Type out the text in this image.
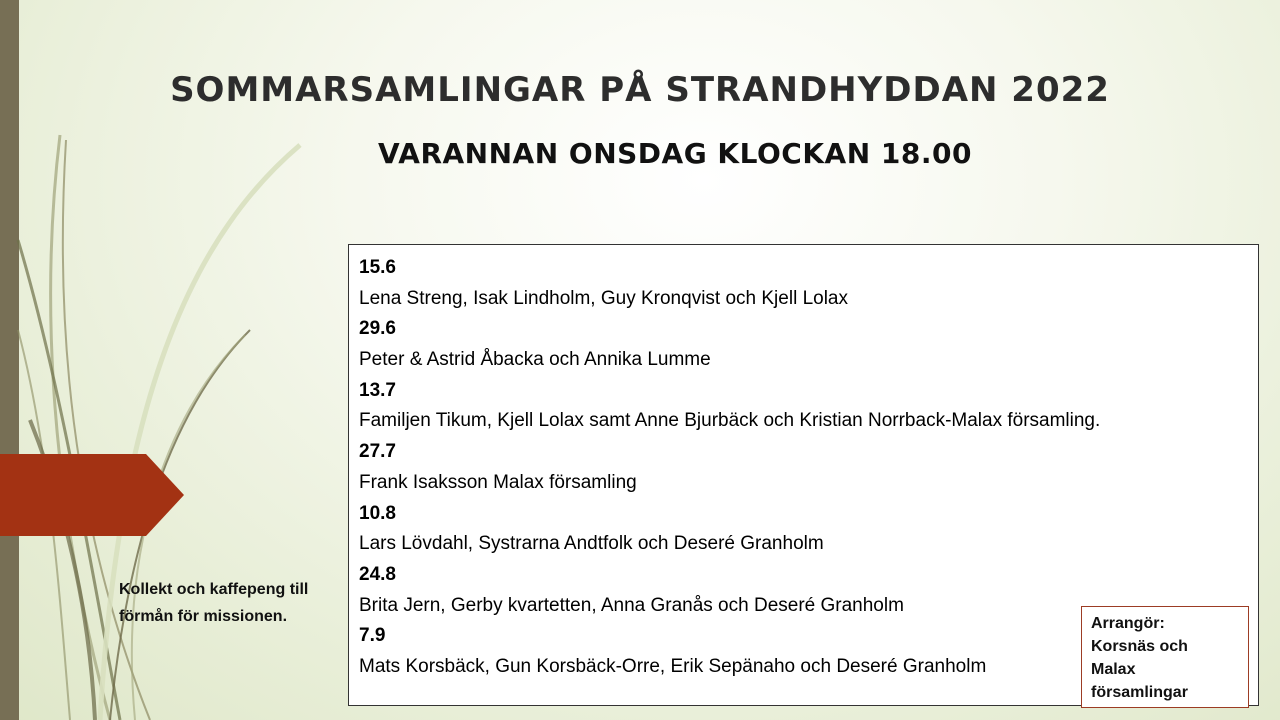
SOMMARSAMLINGAR PÅ STRANDHYDDAN 2022
VARANNAN ONSDAG KLOCKAN 18.00
15.6
Lena Streng, Isak Lindholm, Guy Kronqvist och Kjell Lolax
29.6
Peter & Astrid Åbacka och Annika Lumme
13.7
Familjen Tikum, Kjell Lolax samt Anne Bjurbäck och Kristian Norrback-Malax församling.
27.7
Frank Isaksson Malax församling
10.8
Lars Lövdahl, Systrarna Andtfolk och Deseré Granholm
24.8
Brita Jern, Gerby kvartetten, Anna Granås och Deseré Granholm
7.9
Mats Korsbäck, Gun Korsbäck-Orre, Erik Sepänaho och Deseré Granholm
Kollekt och kaffepeng till förmån för missionen.	Arrangör:
Korsnäs och
Malax
församlingar
